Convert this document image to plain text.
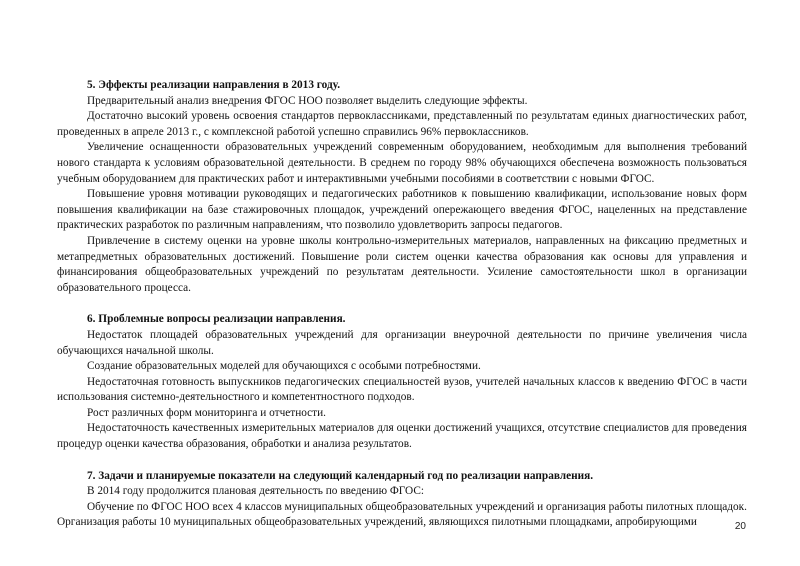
5. Эффекты реализации направления в 2013 году.

Предварительный анализ внедрения ФГОС НОО позволяет выделить следующие эффекты.

Достаточно высокий уровень освоения стандартов первоклассниками, представленный по результатам единых диагностических работ, проведенных в апреле 2013 г., с комплексной работой успешно справились 96% первоклассников.

Увеличение оснащенности образовательных учреждений современным оборудованием, необходимым для выполнения требований нового стандарта к условиям образовательной деятельности. В среднем по городу 98% обучающихся обеспечена возможность пользоваться учебным оборудованием для практических работ и интерактивными учебными пособиями в соответствии с новыми ФГОС.

Повышение уровня мотивации руководящих и педагогических работников к повышению квалификации, использование новых форм повышения квалификации на базе стажировочных площадок, учреждений опережающего введения ФГОС, нацеленных на представление практических разработок по различным направлениям, что позволило удовлетворить запросы педагогов.

Привлечение в систему оценки на уровне школы контрольно-измерительных материалов, направленных на фиксацию предметных и метапредметных образовательных достижений. Повышение роли систем оценки качества образования как основы для управления и финансирования общеобразовательных учреждений по результатам деятельности. Усиление самостоятельности школ в организации образовательного процесса.

6. Проблемные вопросы реализации направления.

Недостаток площадей образовательных учреждений для организации внеурочной деятельности по причине увеличения числа обучающихся начальной школы.

Создание образовательных моделей для обучающихся с особыми потребностями.

Недостаточная готовность выпускников педагогических специальностей вузов, учителей начальных классов к введению ФГОС в части использования системно-деятельностного и компетентностного подходов.

Рост различных форм мониторинга и отчетности.

Недостаточность качественных измерительных материалов для оценки достижений учащихся, отсутствие специалистов для проведения процедур оценки качества образования, обработки и анализа результатов.

7. Задачи и планируемые показатели на следующий календарный год по реализации направления.

В 2014 году продолжится плановая деятельность по введению ФГОС:

Обучение по ФГОС НОО всех 4 классов муниципальных общеобразовательных учреждений и организация работы пилотных площадок. Организация работы 10 муниципальных общеобразовательных учреждений, являющихся пилотными площадками, апробирующими	20
